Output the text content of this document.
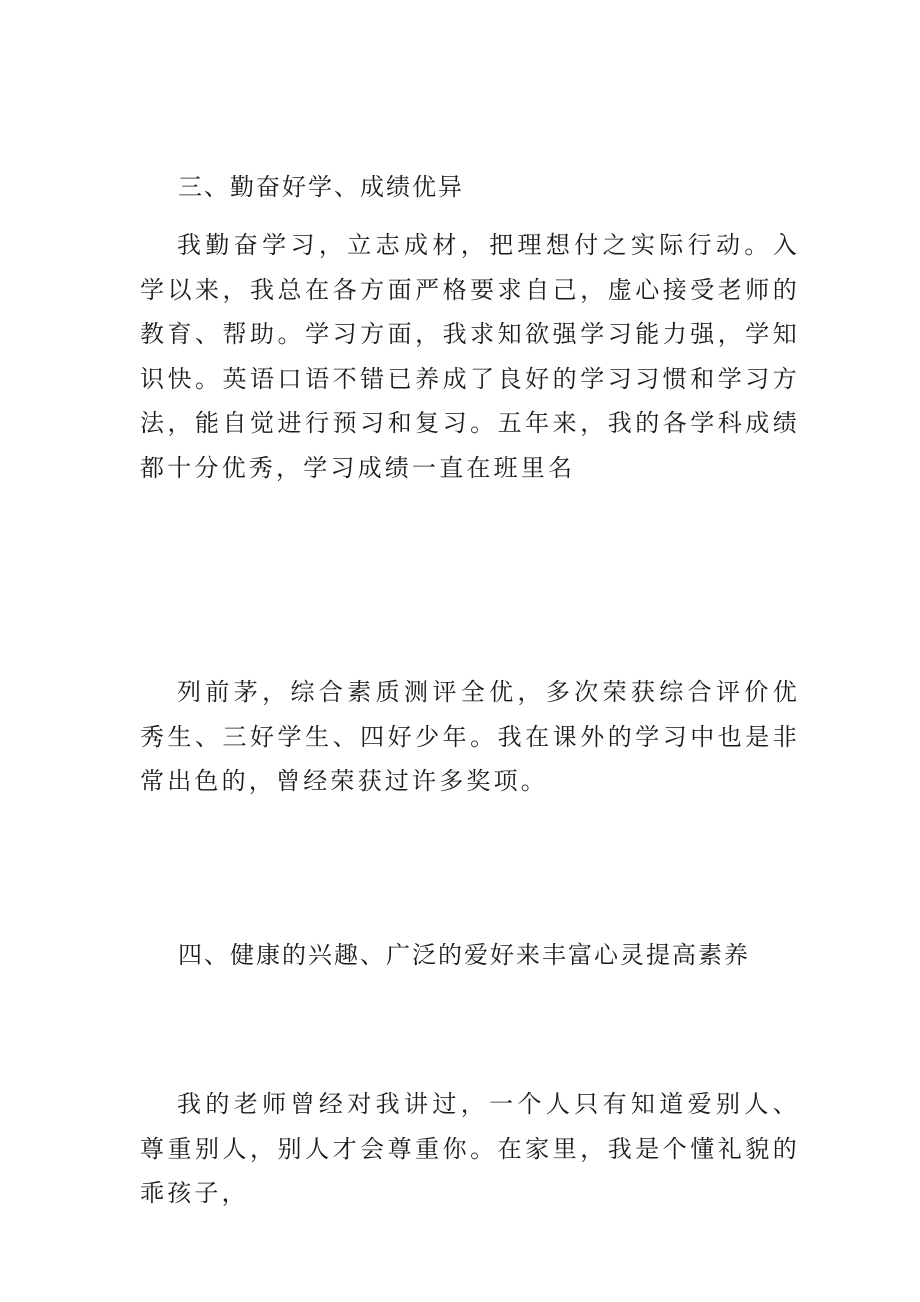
三、勤奋好学、成绩优异

我勤奋学习，立志成材，把理想付之实际行动。入学以来，我总在各方面严格要求自己，虚心接受老师的教育、帮助。学习方面，我求知欲强学习能力强，学知识快。英语口语不错已养成了良好的学习习惯和学习方法，能自觉进行预习和复习。五年来，我的各学科成绩都十分优秀，学习成绩一直在班里名

列前茅，综合素质测评全优，多次荣获综合评价优秀生、三好学生、四好少年。我在课外的学习中也是非常出色的，曾经荣获过许多奖项。

四、健康的兴趣、广泛的爱好来丰富心灵提高素养

我的老师曾经对我讲过，一个人只有知道爱别人、尊重别人，别人才会尊重你。在家里，我是个懂礼貌的乖孩子，
